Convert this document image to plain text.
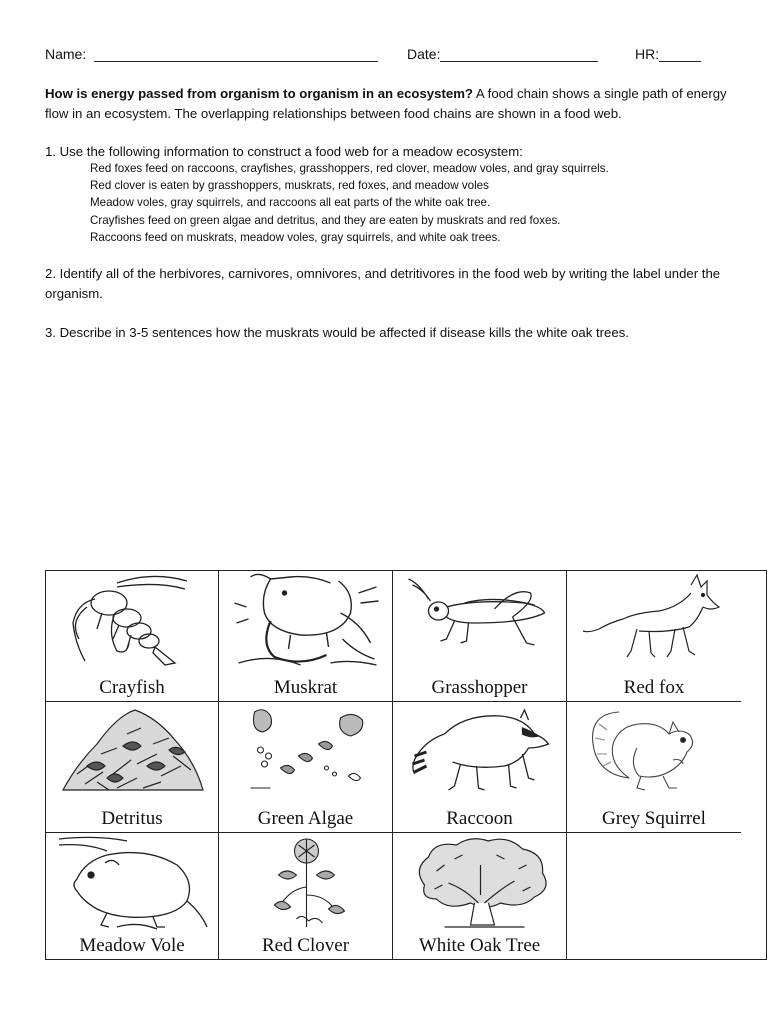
Name:	Date:	HR:
How is energy passed from organism to organism in an ecosystem? A food chain shows a single path of energy flow in an ecosystem. The overlapping relationships between food chains are shown in a food web.
1. Use the following information to construct a food web for a meadow ecosystem:
Red foxes feed on raccoons, crayfishes, grasshoppers, red clover, meadow voles, and gray squirrels.
Red clover is eaten by grasshoppers, muskrats, red foxes, and meadow voles
Meadow voles, gray squirrels, and raccoons all eat parts of the white oak tree.
Crayfishes feed on green algae and detritus, and they are eaten by muskrats and red foxes.
Raccoons feed on muskrats, meadow voles, gray squirrels, and white oak trees.
2. Identify all of the herbivores, carnivores, omnivores, and detritivores in the food web by writing the label under the organism.
3. Describe in 3-5 sentences how the muskrats would be affected if disease kills the white oak trees.
Crayfish	Muskrat	Grasshopper	Red fox
Detritus	Green Algae	Raccoon	Grey Squirrel
Meadow Vole	Red Clover	White Oak Tree
